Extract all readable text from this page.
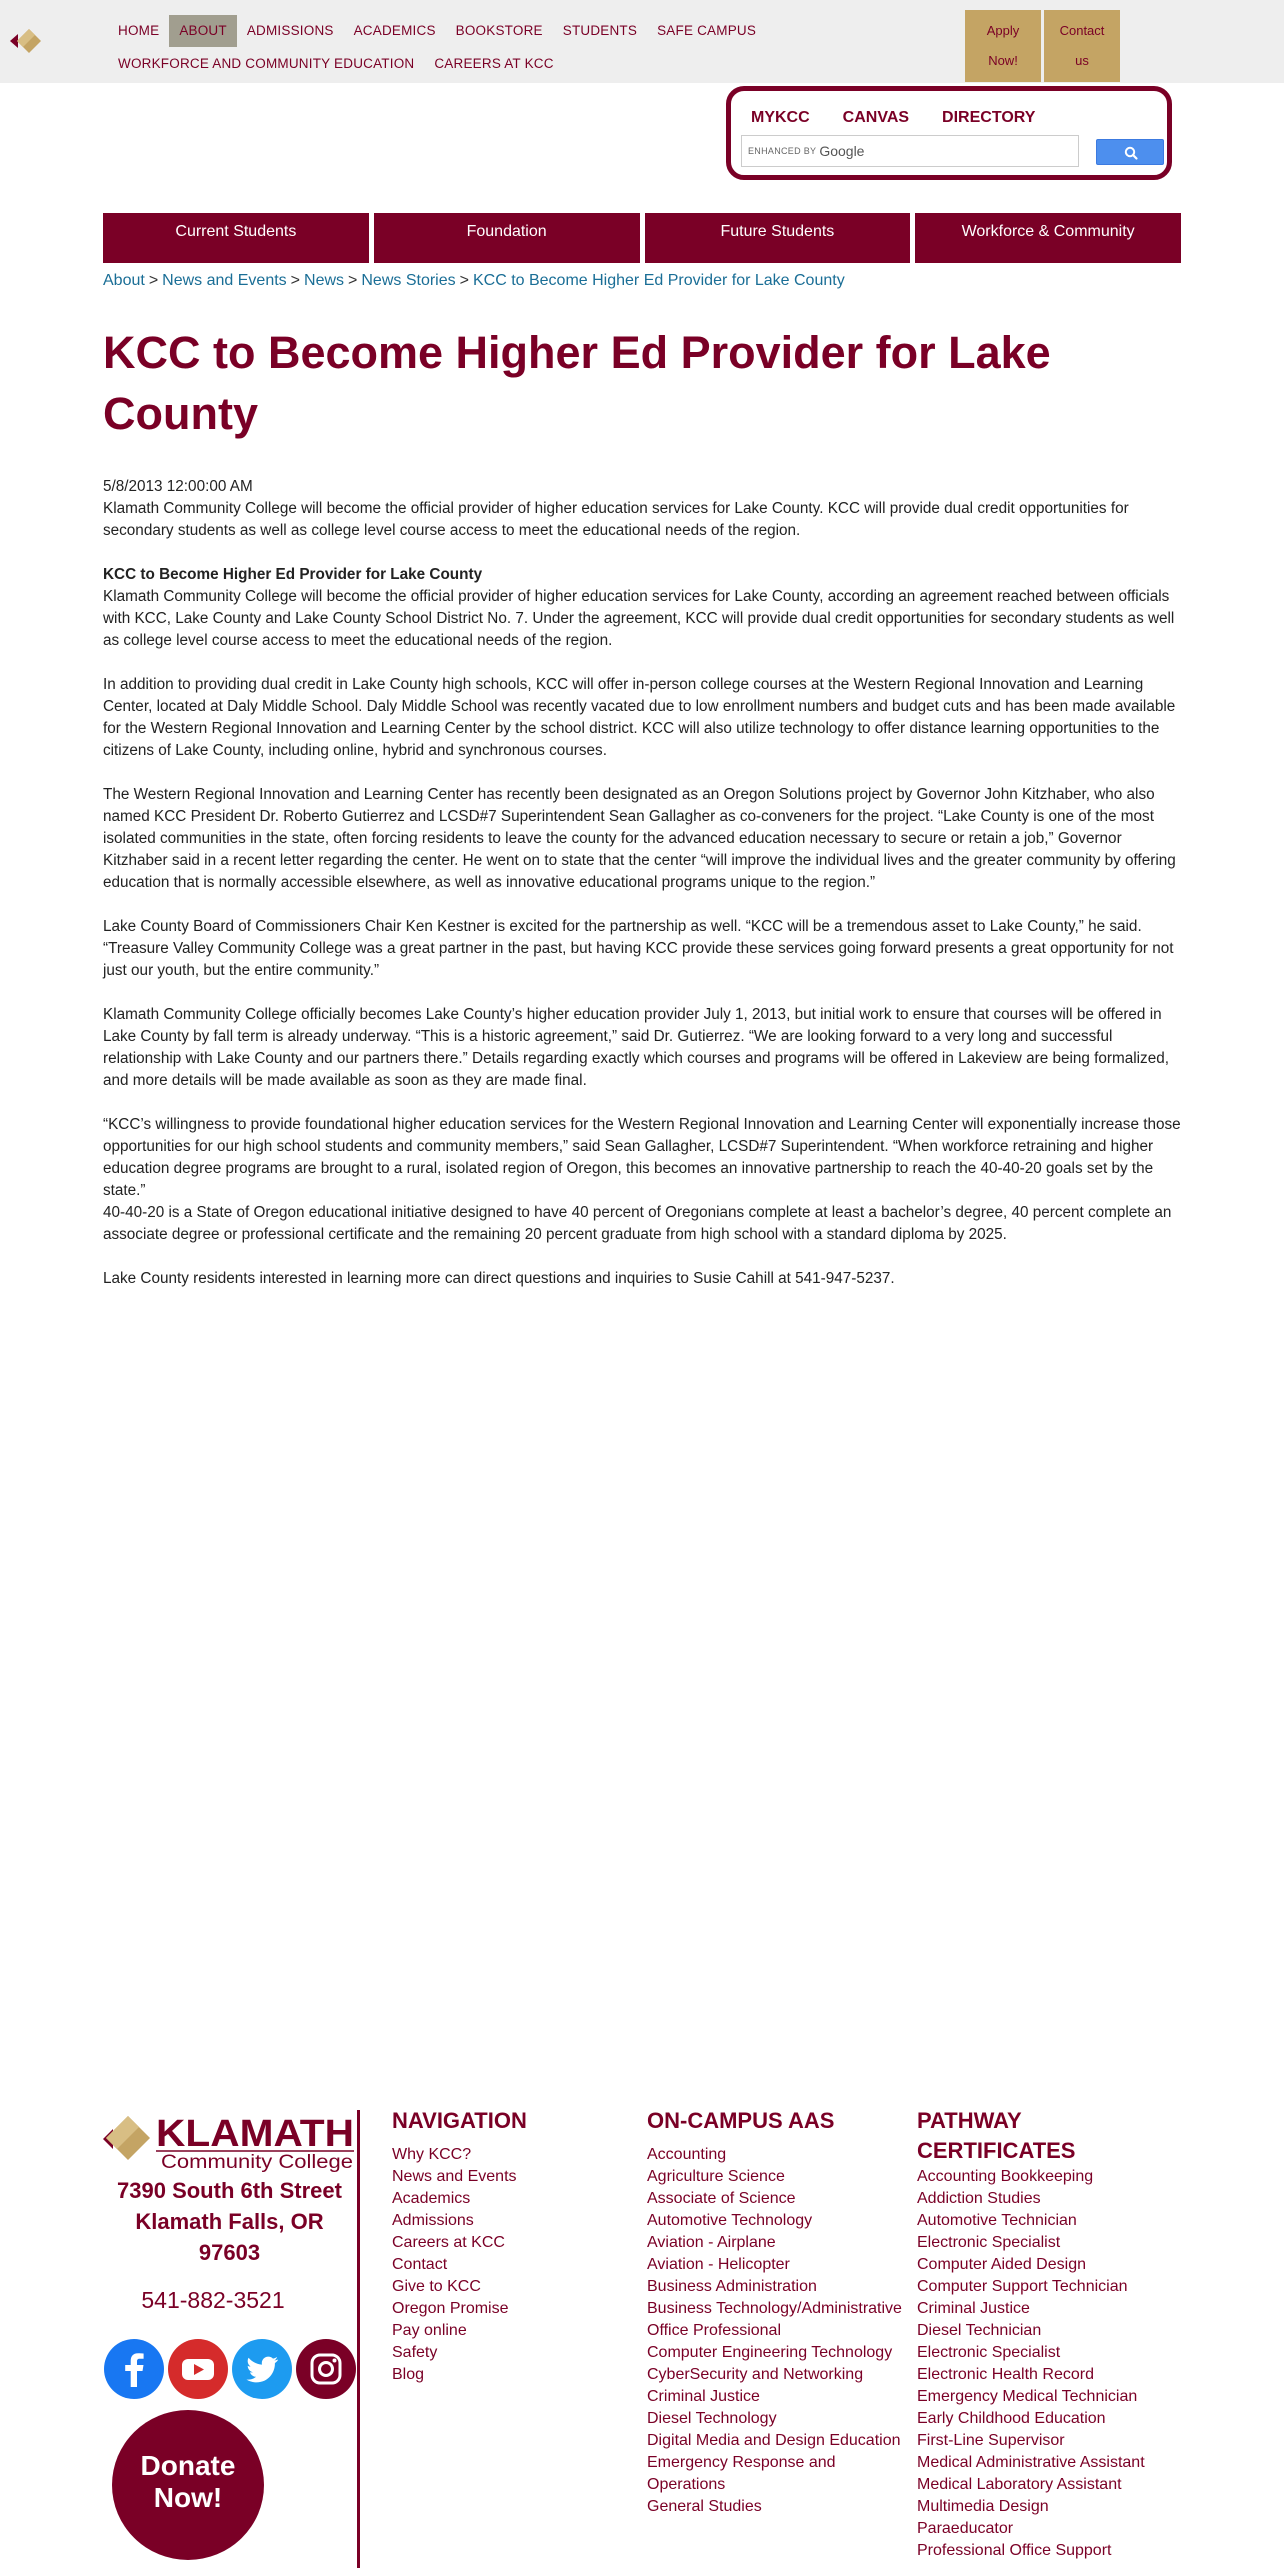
HOME	ABOUT	ADMISSIONS	ACADEMICS	BOOKSTORE	STUDENTS	SAFE CAMPUS
WORKFORCE AND COMMUNITY EDUCATION	CAREERS AT KCC
Apply
Now!
Contact
us
MYKCC CANVAS DIRECTORY
ENHANCED BY Google
Current Students	Foundation	Future Students	Workforce & Community
About > News and Events > News > News Stories > KCC to Become Higher Ed Provider for Lake County
KCC to Become Higher Ed Provider for Lake County

5/8/2013 12:00:00 AM

Klamath Community College will become the official provider of higher education services for Lake County. KCC will provide dual credit opportunities for secondary students as well as college level course access to meet the educational needs of the region.

KCC to Become Higher Ed Provider for Lake County

Klamath Community College will become the official provider of higher education services for Lake County, according an agreement reached between officials with KCC, Lake County and Lake County School District No. 7. Under the agreement, KCC will provide dual credit opportunities for secondary students as well as college level course access to meet the educational needs of the region.

In addition to providing dual credit in Lake County high schools, KCC will offer in-person college courses at the Western Regional Innovation and Learning Center, located at Daly Middle School. Daly Middle School was recently vacated due to low enrollment numbers and budget cuts and has been made available for the Western Regional Innovation and Learning Center by the school district. KCC will also utilize technology to offer distance learning opportunities to the citizens of Lake County, including online, hybrid and synchronous courses.

The Western Regional Innovation and Learning Center has recently been designated as an Oregon Solutions project by Governor John Kitzhaber, who also named KCC President Dr. Roberto Gutierrez and LCSD#7 Superintendent Sean Gallagher as co-conveners for the project. “Lake County is one of the most isolated communities in the state, often forcing residents to leave the county for the advanced education necessary to secure or retain a job,” Governor Kitzhaber said in a recent letter regarding the center. He went on to state that the center “will improve the individual lives and the greater community by offering education that is normally accessible elsewhere, as well as innovative educational programs unique to the region.”

Lake County Board of Commissioners Chair Ken Kestner is excited for the partnership as well. “KCC will be a tremendous asset to Lake County,” he said. “Treasure Valley Community College was a great partner in the past, but having KCC provide these services going forward presents a great opportunity for not just our youth, but the entire community.”

Klamath Community College officially becomes Lake County’s higher education provider July 1, 2013, but initial work to ensure that courses will be offered in Lake County by fall term is already underway. “This is a historic agreement,” said Dr. Gutierrez. “We are looking forward to a very long and successful relationship with Lake County and our partners there.” Details regarding exactly which courses and programs will be offered in Lakeview are being formalized, and more details will be made available as soon as they are made final.

“KCC’s willingness to provide foundational higher education services for the Western Regional Innovation and Learning Center will exponentially increase those opportunities for our high school students and community members,” said Sean Gallagher, LCSD#7 Superintendent. “When workforce retraining and higher education degree programs are brought to a rural, isolated region of Oregon, this becomes an innovative partnership to reach the 40-40-20 goals set by the state.”

40-40-20 is a State of Oregon educational initiative designed to have 40 percent of Oregonians complete at least a bachelor’s degree, 40 percent complete an associate degree or professional certificate and the remaining 20 percent graduate from high school with a standard diploma by 2025.

Lake County residents interested in learning more can direct questions and inquiries to Susie Cahill at 541-947-5237.

KLAMATH
Community College
7390 South 6th Street
Klamath Falls, OR
97603
541-882-3521
Donate
Now!
NAVIGATION
Why KCC?
News and Events
Academics
Admissions
Careers at KCC
Contact
Give to KCC
Oregon Promise
Pay online
Safety
Blog
ON-CAMPUS AAS
Accounting
Agriculture Science
Associate of Science
Automotive Technology
Aviation - Airplane
Aviation - Helicopter
Business Administration
Business Technology/Administrative Office Professional
Computer Engineering Technology
CyberSecurity and Networking
Criminal Justice
Diesel Technology
Digital Media and Design Education
Emergency Response and Operations
General Studies
PATHWAY CERTIFICATES
Accounting Bookkeeping
Addiction Studies
Automotive Technician
Electronic Specialist
Computer Aided Design
Computer Support Technician
Criminal Justice
Diesel Technician
Electronic Specialist
Electronic Health Record
Emergency Medical Technician
Early Childhood Education
First-Line Supervisor
Medical Administrative Assistant
Medical Laboratory Assistant
Multimedia Design
Paraeducator
Professional Office Support
